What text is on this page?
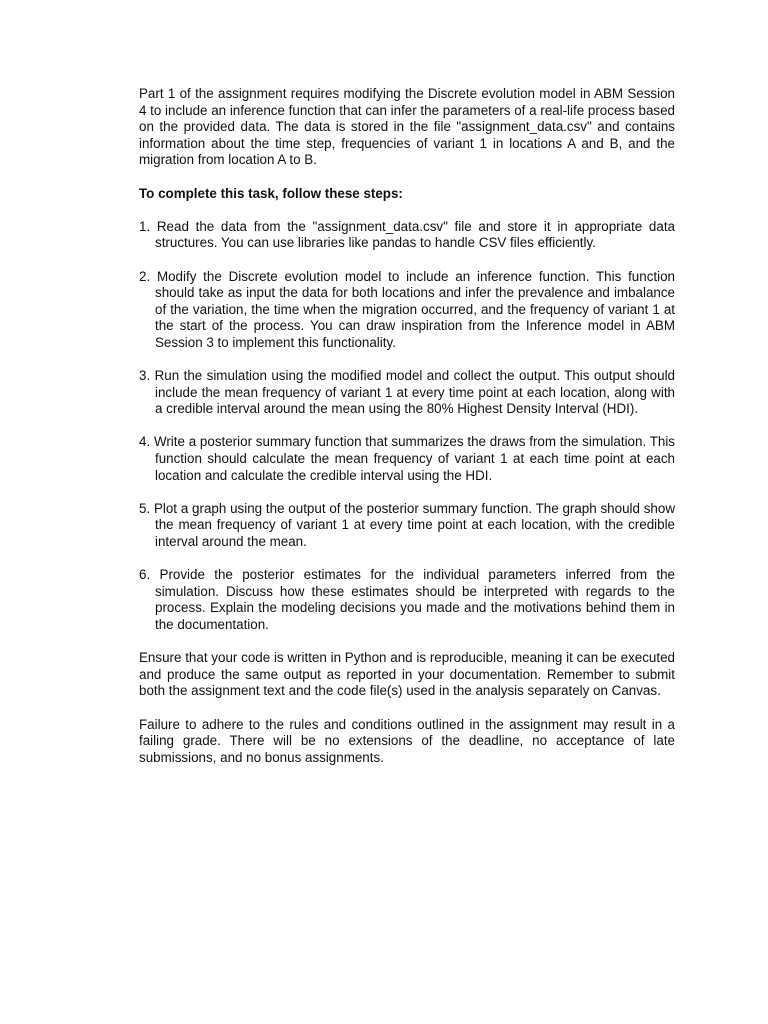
Part 1 of the assignment requires modifying the Discrete evolution model in ABM Session 4 to include an inference function that can infer the parameters of a real-life process based on the provided data. The data is stored in the file "assignment_data.csv" and contains information about the time step, frequencies of variant 1 in locations A and B, and the migration from location A to B.

To complete this task, follow these steps:

1. Read the data from the "assignment_data.csv" file and store it in appropriate data structures. You can use libraries like pandas to handle CSV files efficiently.

2. Modify the Discrete evolution model to include an inference function. This function should take as input the data for both locations and infer the prevalence and imbalance of the variation, the time when the migration occurred, and the frequency of variant 1 at the start of the process. You can draw inspiration from the Inference model in ABM Session 3 to implement this functionality.

3. Run the simulation using the modified model and collect the output. This output should include the mean frequency of variant 1 at every time point at each location, along with a credible interval around the mean using the 80% Highest Density Interval (HDI).

4. Write a posterior summary function that summarizes the draws from the simulation. This function should calculate the mean frequency of variant 1 at each time point at each location and calculate the credible interval using the HDI.

5. Plot a graph using the output of the posterior summary function. The graph should show the mean frequency of variant 1 at every time point at each location, with the credible interval around the mean.

6. Provide the posterior estimates for the individual parameters inferred from the simulation. Discuss how these estimates should be interpreted with regards to the process. Explain the modeling decisions you made and the motivations behind them in the documentation.

Ensure that your code is written in Python and is reproducible, meaning it can be executed and produce the same output as reported in your documentation. Remember to submit both the assignment text and the code file(s) used in the analysis separately on Canvas.

Failure to adhere to the rules and conditions outlined in the assignment may result in a failing grade. There will be no extensions of the deadline, no acceptance of late submissions, and no bonus assignments.
